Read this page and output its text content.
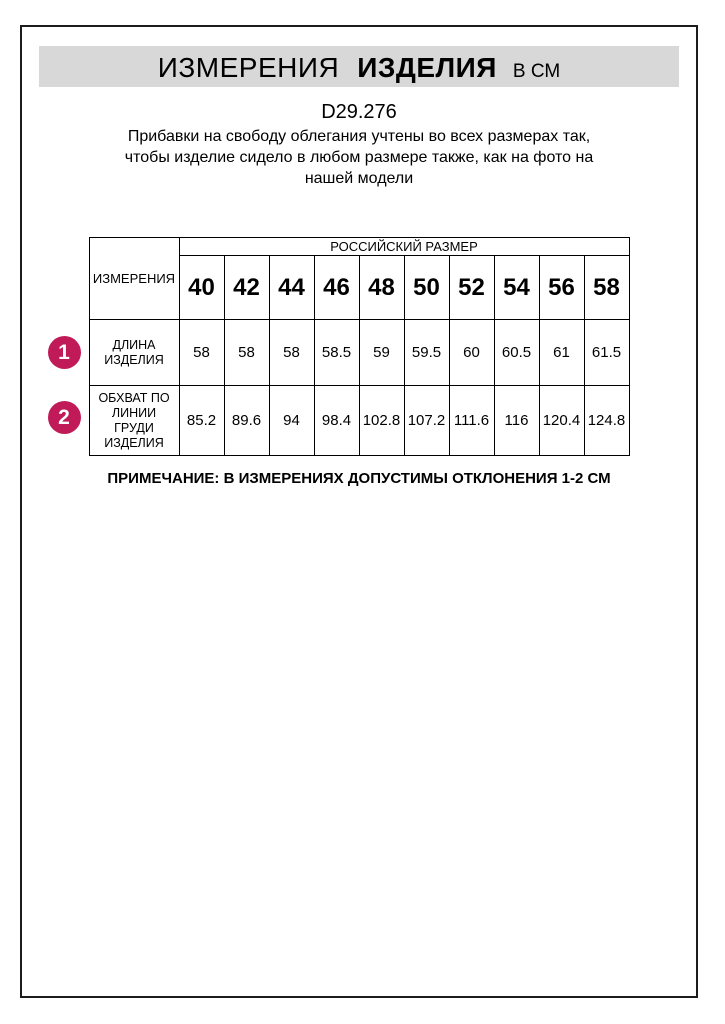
ИЗМЕРЕНИЯ ИЗДЕЛИЯ В СМ
D29.276

Прибавки на свободу облегания учтены во всех размерах так, чтобы изделие сидело в любом размере также, как на фото на нашей модели

1
2
ИЗМЕРЕНИЯ	РОССИЙСКИЙ РАЗМЕР									
	40	42	44	46	48	50	52	54	56	58
ДЛИНА ИЗДЕЛИЯ	58	58	58	58.5	59	59.5	60	60.5	61	61.5
ОБХВАТ ПО ЛИНИИ ГРУДИ ИЗДЕЛИЯ	85.2	89.6	94	98.4	102.8	107.2	111.6	116	120.4	124.8
ПРИМЕЧАНИЕ: В ИЗМЕРЕНИЯХ ДОПУСТИМЫ ОТКЛОНЕНИЯ 1-2 СМ
